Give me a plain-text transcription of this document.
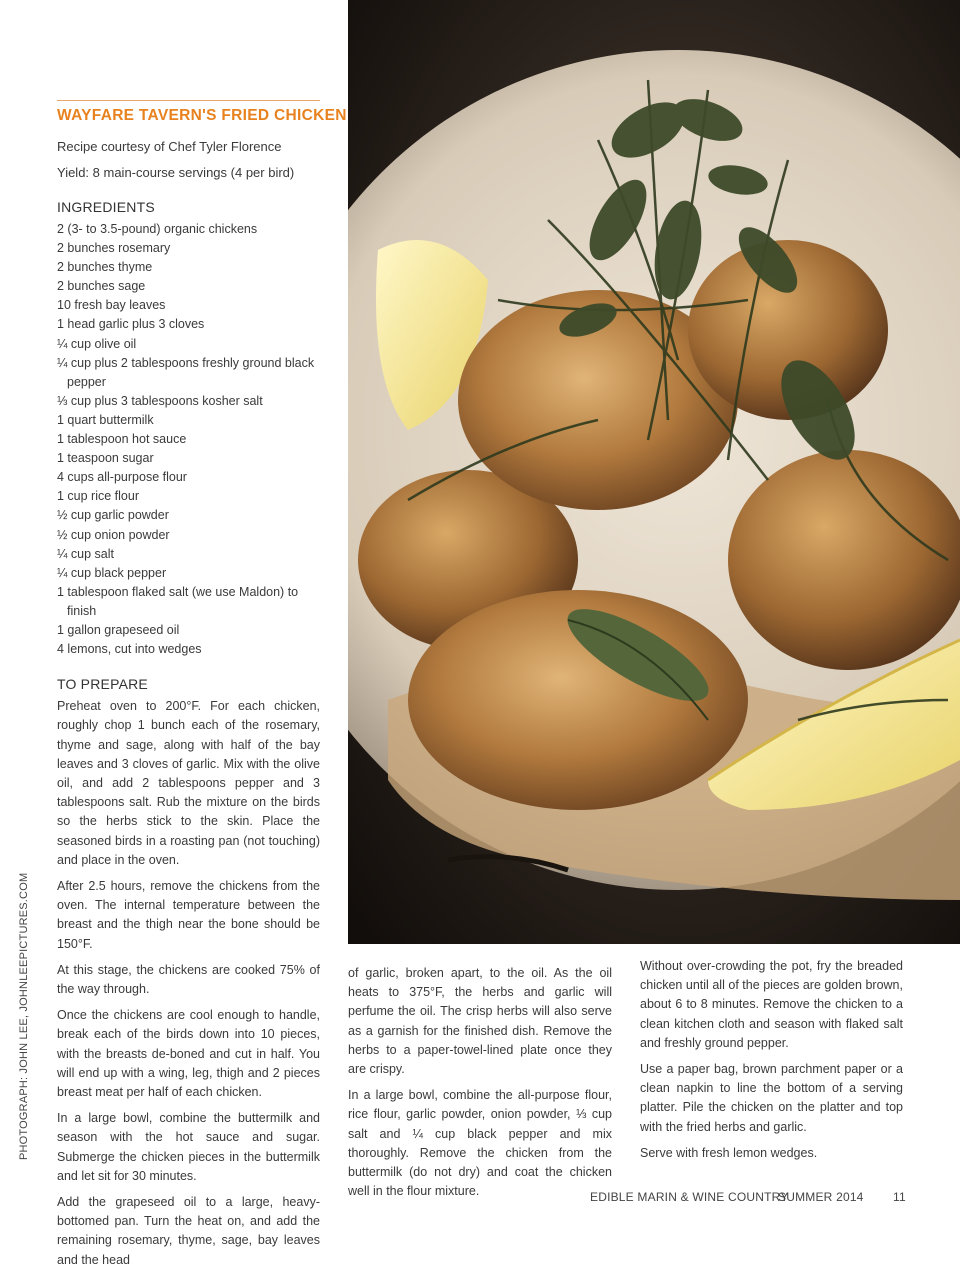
PHOTOGRAPH: JOHN LEE, JOHNLEEPICTURES.COM
WAYFARE TAVERN'S FRIED CHICKEN

Recipe courtesy of Chef Tyler Florence

Yield: 8 main-course servings (4 per bird)

INGREDIENTS
2 (3- to 3.5-pound) organic chickens
2 bunches rosemary
2 bunches thyme
2 bunches sage
10 fresh bay leaves
1 head garlic plus 3 cloves
¼ cup olive oil
¼ cup plus 2 tablespoons freshly ground black pepper
⅓ cup plus 3 tablespoons kosher salt
1 quart buttermilk
1 tablespoon hot sauce
1 teaspoon sugar
4 cups all-purpose flour
1 cup rice flour
½ cup garlic powder
½ cup onion powder
¼ cup salt
¼ cup black pepper
1 tablespoon flaked salt (we use Maldon) to finish
1 gallon grapeseed oil
4 lemons, cut into wedges
TO PREPARE

Preheat oven to 200°F. For each chicken, roughly chop 1 bunch each of the rosemary, thyme and sage, along with half of the bay leaves and 3 cloves of garlic. Mix with the olive oil, and add 2 tablespoons pepper and 3 tablespoons salt. Rub the mixture on the birds so the herbs stick to the skin. Place the seasoned birds in a roasting pan (not touching) and place in the oven.

After 2.5 hours, remove the chickens from the oven. The internal temperature between the breast and the thigh near the bone should be 150°F.

At this stage, the chickens are cooked 75% of the way through.

Once the chickens are cool enough to handle, break each of the birds down into 10 pieces, with the breasts de-boned and cut in half. You will end up with a wing, leg, thigh and 2 pieces breast meat per half of each chicken.

In a large bowl, combine the buttermilk and season with the hot sauce and sugar. Submerge the chicken pieces in the buttermilk and let sit for 30 minutes.

Add the grapeseed oil to a large, heavy-bottomed pan. Turn the heat on, and add the remaining rosemary, thyme, sage, bay leaves and the head

of garlic, broken apart, to the oil. As the oil heats to 375°F, the herbs and garlic will perfume the oil. The crisp herbs will also serve as a garnish for the finished dish. Remove the herbs to a paper-towel-lined plate once they are crispy.

In a large bowl, combine the all-purpose flour, rice flour, garlic powder, onion powder, ⅓ cup salt and ¼ cup black pepper and mix thoroughly. Remove the chicken from the buttermilk (do not dry) and coat the chicken well in the flour mixture.

Without over-crowding the pot, fry the breaded chicken until all of the pieces are golden brown, about 6 to 8 minutes. Remove the chicken to a clean kitchen cloth and season with flaked salt and freshly ground pepper.

Use a paper bag, brown parchment paper or a clean napkin to line the bottom of a serving platter. Pile the chicken on the platter and top with the fried herbs and garlic.

Serve with fresh lemon wedges.

EDIBLE MARIN & WINE COUNTRY
SUMMER 2014 11
